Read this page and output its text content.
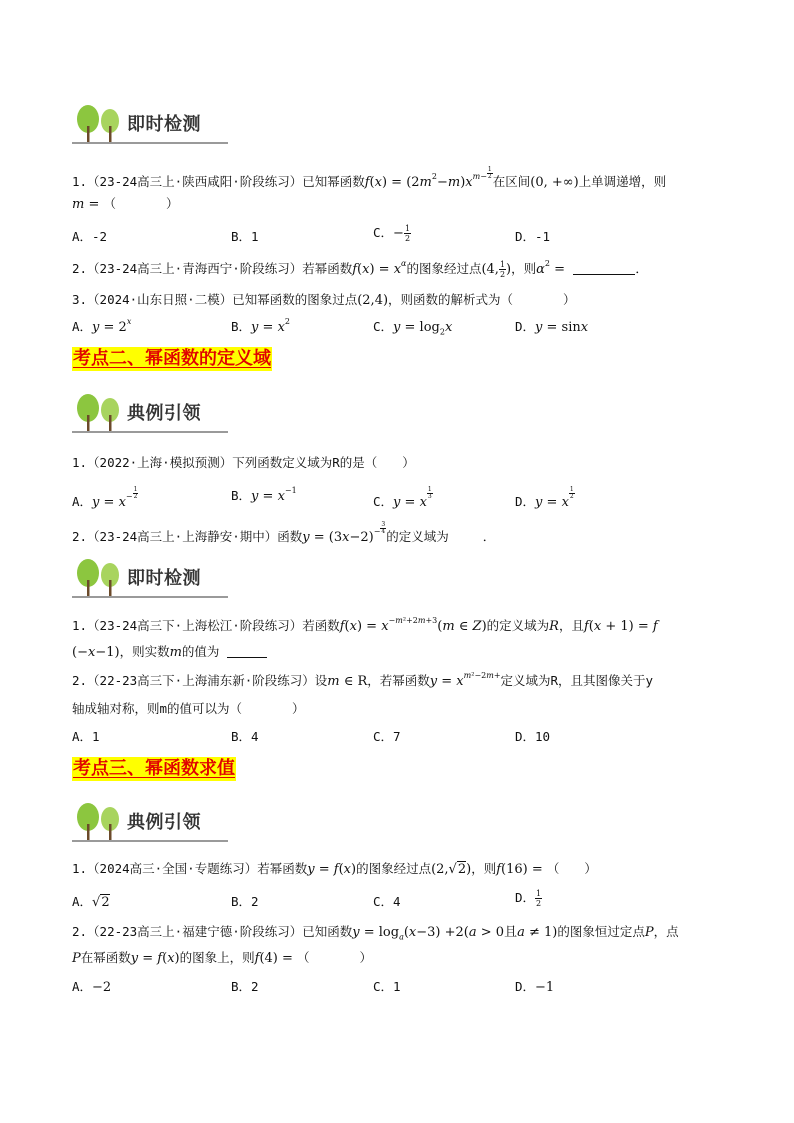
即时检测
1.（23-24高三上·陕西咸阳·阶段练习）已知幂函数$f(x) = (2m^2-m)x^{m- \frac{1}{2}}$
在区间(0, +∞)上单调递增，则
m = （　　　　）
A．-2	B．1	C．− $\frac{1}{2}$	D．-1
2.（23-24高三上·青海西宁·阶段练习）若幂函数$f(x) = x^\alpha$的图象经过点(4, $\frac{1}{2}$ )，则$\alpha^2$ =	．
3.（2024·山东日照·二模）已知幂函数的图象过点(2,4)，则函数的解析式为（　　　　）
A．$y = 2^x$	B．$y = x^2$	C．$y = \log_2x$	D．y = sinx
考点二、幂函数的定义域
典例引领
1.（2022·上海·模拟预测）下列函数定义域为R的是（　　）
A．$y = x^{- \frac{1}{2}}$	B．$y = x^{-1}$
C．y = x
$^{\frac{1}{3}}$
D．y = x
$^{\frac{1}{2}}$
2.（23-24高三上·上海静安·期中）函数$y = (3x-2)^{- \frac{3}{4}}$
的定义域为	．
即时检测
1.（23-24高三下·上海松江·阶段练习）若函数$f(x) = x^{-m^2+2m+3}(m$ ∈ Z)的定义域为R，且f(x + 1) = f
(−x−1)，则实数m的值为
2.（22-23高三下·上海浦东新·阶段练习）设m ∈ R，若幂函数$y = x^{m^2-2m+}$定义域为R，且其图像关于y
轴成轴对称，则m的值可以为（　　　　）
A．1	B．4	C．7	D．10
考点三、幂函数求值
典例引领
1.（2024高三·全国·专题练习）若幂函数y = f(x)的图象经过点(2,√2)，则f(16) = （　　）
A．√2	B．2	C．4	D． $\frac{1}{2}$
2.（22-23高三上·福建宁德·阶段练习）已知函数$y = \log_a(x-3) +2(a > 0$且a ≠ 1)的图象恒过定点P，点
P在幂函数y = f(x)的图象上，则f(4) = （　　　　）
A．−2	B．2	C．1	D．−1
